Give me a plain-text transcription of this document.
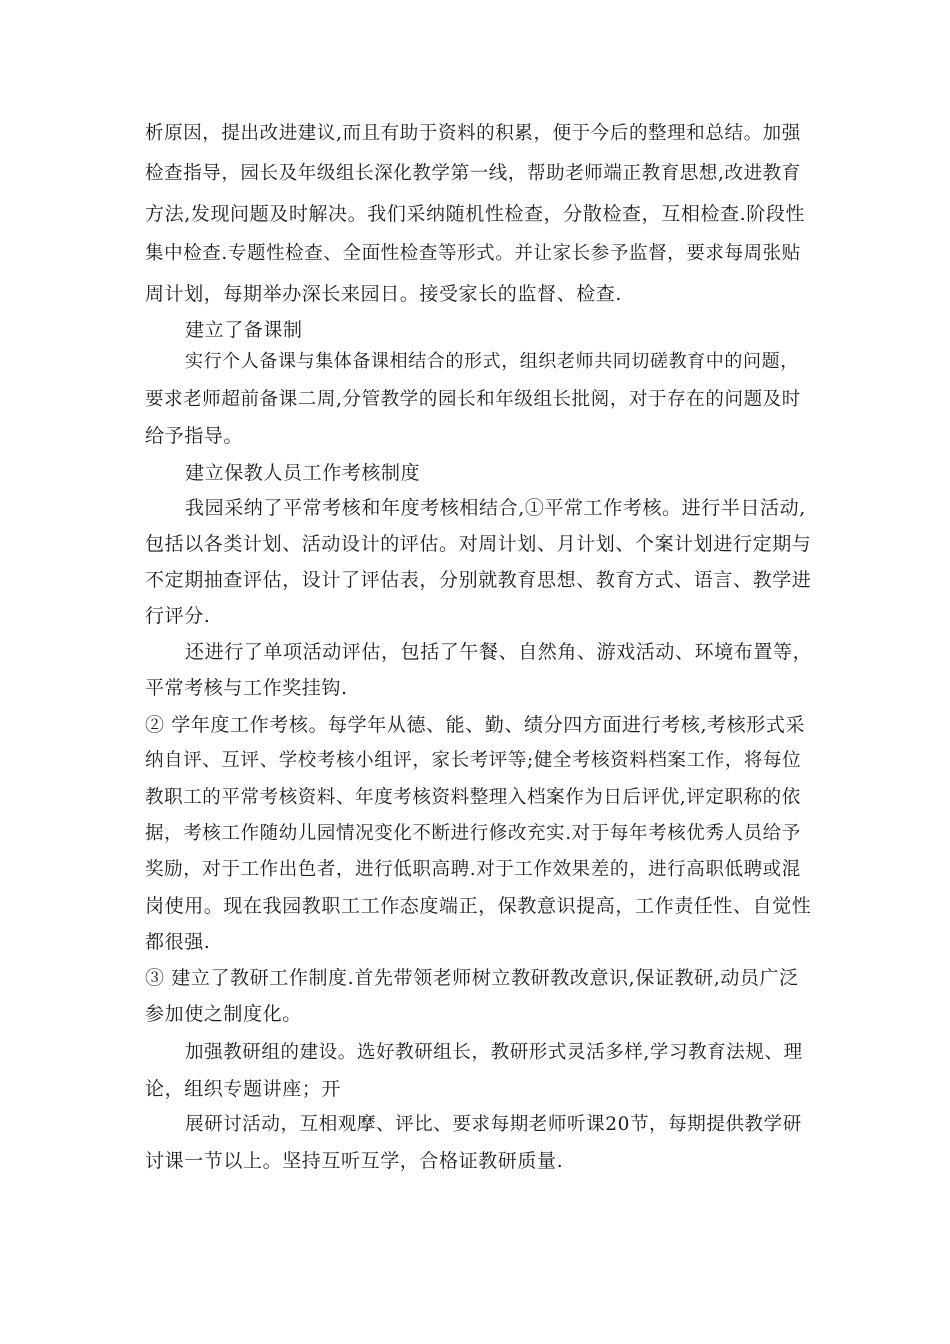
析原因，提出改进建议,而且有助于资料的积累，便于今后的整理和总结。加强
检查指导，园长及年级组长深化教学第一线，帮助老师端正教育思想,改进教育
方法,发现问题及时解决。我们采纳随机性检查，分散检查，互相检查.阶段性
集中检查.专题性检查、全面性检查等形式。并让家长参予监督，要求每周张贴
周计划，每期举办深长来园日。接受家长的监督、检查.
建立了备课制
实行个人备课与集体备课相结合的形式，组织老师共同切磋教育中的问题，
要求老师超前备课二周,分管教学的园长和年级组长批阅，对于存在的问题及时
给予指导。
建立保教人员工作考核制度
我园采纳了平常考核和年度考核相结合,①平常工作考核。进行半日活动,
包括以各类计划、活动设计的评估。对周计划、月计划、个案计划进行定期与
不定期抽查评估，设计了评估表，分别就教育思想、教育方式、语言、教学进
行评分.
还进行了单项活动评估，包括了午餐、自然角、游戏活动、环境布置等，
平常考核与工作奖挂钩.
② 学年度工作考核。每学年从德、能、勤、绩分四方面进行考核,考核形式采
纳自评、互评、学校考核小组评，家长考评等;健全考核资料档案工作，将每位
教职工的平常考核资料、年度考核资料整理入档案作为日后评优,评定职称的依
据，考核工作随幼儿园情况变化不断进行修改充实.对于每年考核优秀人员给予
奖励，对于工作出色者，进行低职高聘.对于工作效果差的，进行高职低聘或混
岗使用。现在我园教职工工作态度端正，保教意识提高，工作责任性、自觉性
都很强.
③ 建立了教研工作制度.首先带领老师树立教研教改意识,保证教研,动员广泛
参加使之制度化。
加强教研组的建设。选好教研组长，教研形式灵活多样,学习教育法规、理
论，组织专题讲座；开
展研讨活动，互相观摩、评比、要求每期老师听课20节，每期提供教学研
讨课一节以上。坚持互听互学，合格证教研质量.
